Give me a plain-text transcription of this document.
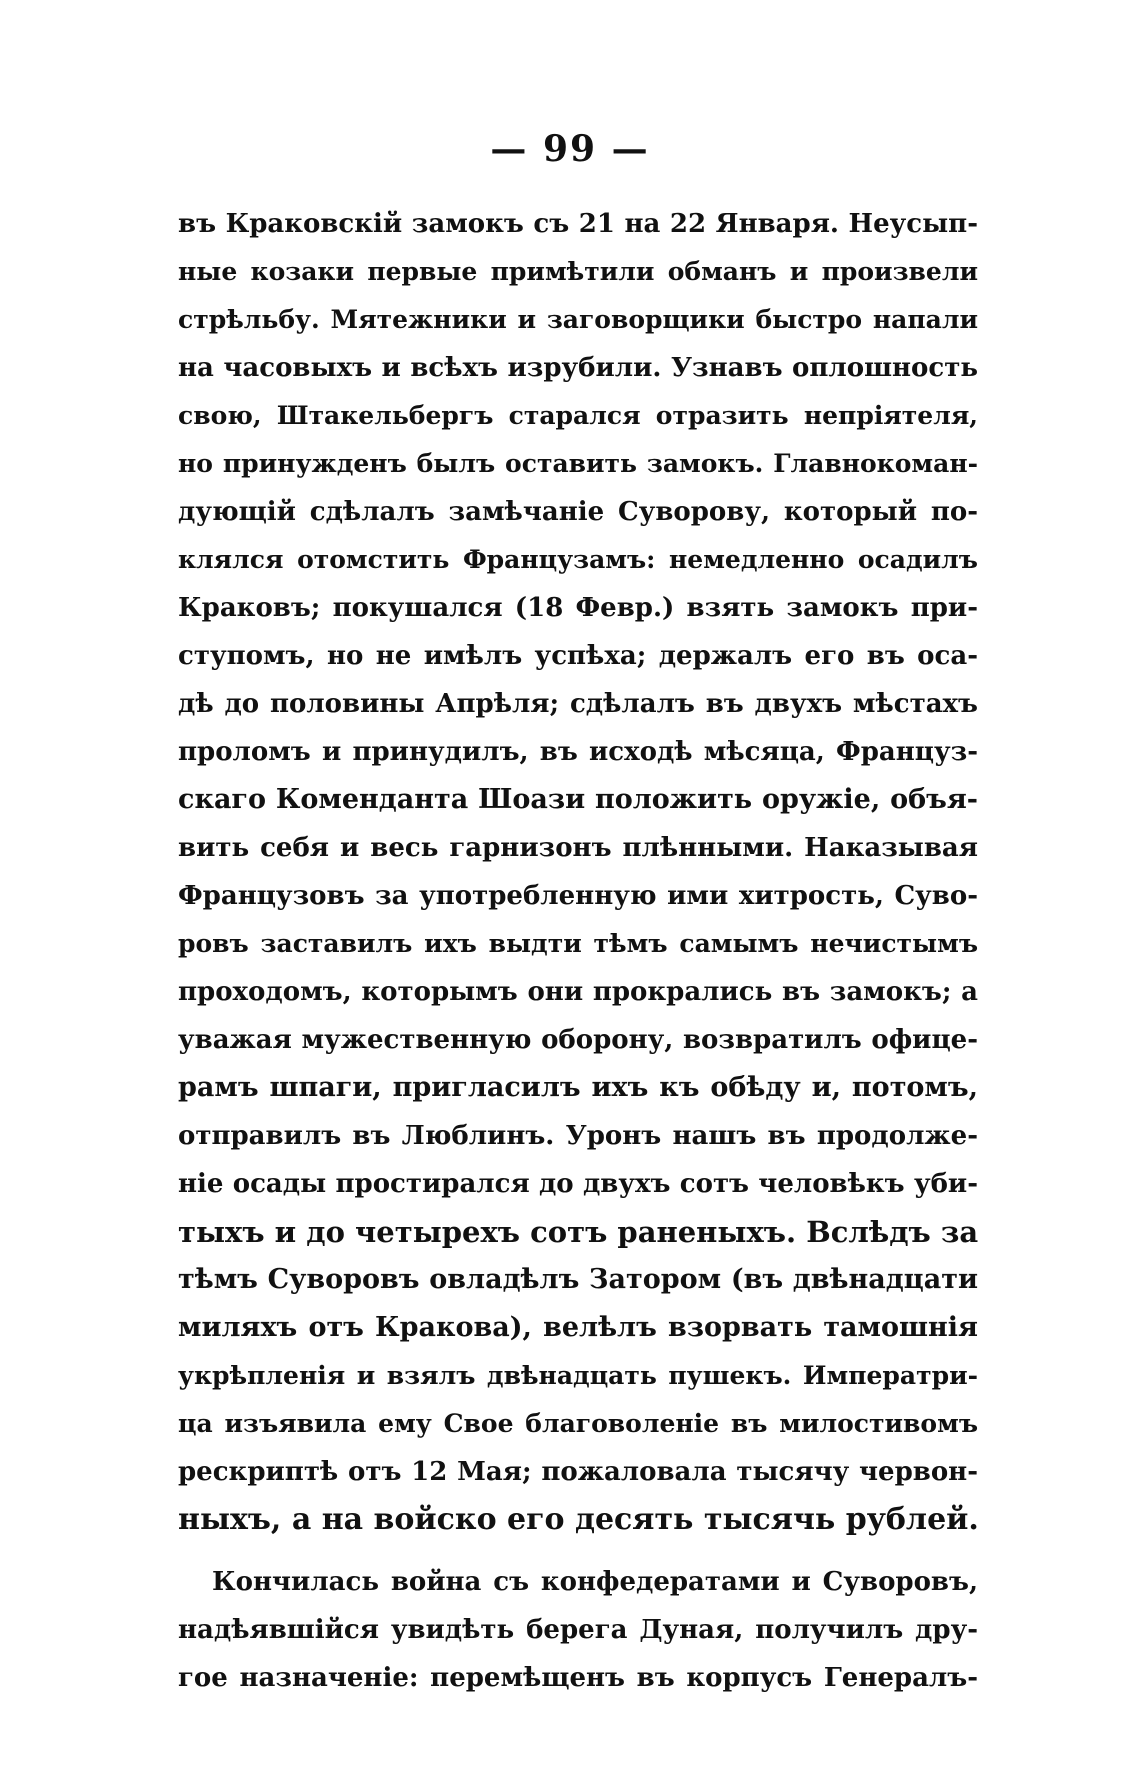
— 99 —
въ Краковскій замокъ съ 21 на 22 Января. Неусып-
ные козаки первые примѣтили обманъ и произвели
стрѣльбу. Мятежники и заговорщики быстро напали
на часовыхъ и всѣхъ изрубили. Узнавъ оплошность
свою, Штакельбергъ старался отразить непріятеля,
но принужденъ былъ оставить замокъ. Главнокоман-
дующій сдѣлалъ замѣчаніе Суворову, который по-
клялся отомстить Французамъ: немедленно осадилъ
Краковъ; покушался (18 Февр.) взять замокъ при-
ступомъ, но не имѣлъ успѣха; держалъ его въ оса-
дѣ до половины Апрѣля; сдѣлалъ въ двухъ мѣстахъ
проломъ и принудилъ, въ исходѣ мѣсяца, Француз-
скаго Коменданта Шоази положить оружіе, объя-
вить себя и весь гарнизонъ плѣнными. Наказывая
Французовъ за употребленную ими хитрость, Суво-
ровъ заставилъ ихъ выдти тѣмъ самымъ нечистымъ
проходомъ, которымъ они прокрались въ замокъ; а
уважая мужественную оборону, возвратилъ офице-
рамъ шпаги, пригласилъ ихъ къ обѣду и, потомъ,
отправилъ въ Люблинъ. Уронъ нашъ въ продолже-
ніе осады простирался до двухъ сотъ человѣкъ уби-
тыхъ и до четырехъ сотъ раненыхъ. Вслѣдъ за
тѣмъ Суворовъ овладѣлъ Затором (въ двѣнадцати
миляхъ отъ Кракова), велѣлъ взорвать тамошнія
укрѣпленія и взялъ двѣнадцать пушекъ. Императри-
ца изъявила ему Свое благоволеніе въ милостивомъ
рескриптѣ отъ 12 Мая; пожаловала тысячу червон-
ныхъ, а на войско его десять тысячь рублей.
Кончилась война съ конфедератами и Суворовъ,
надѣявшійся увидѣть берега Дуная, получилъ дру-
гое назначеніе: перемѣщенъ въ корпусъ Генералъ-
